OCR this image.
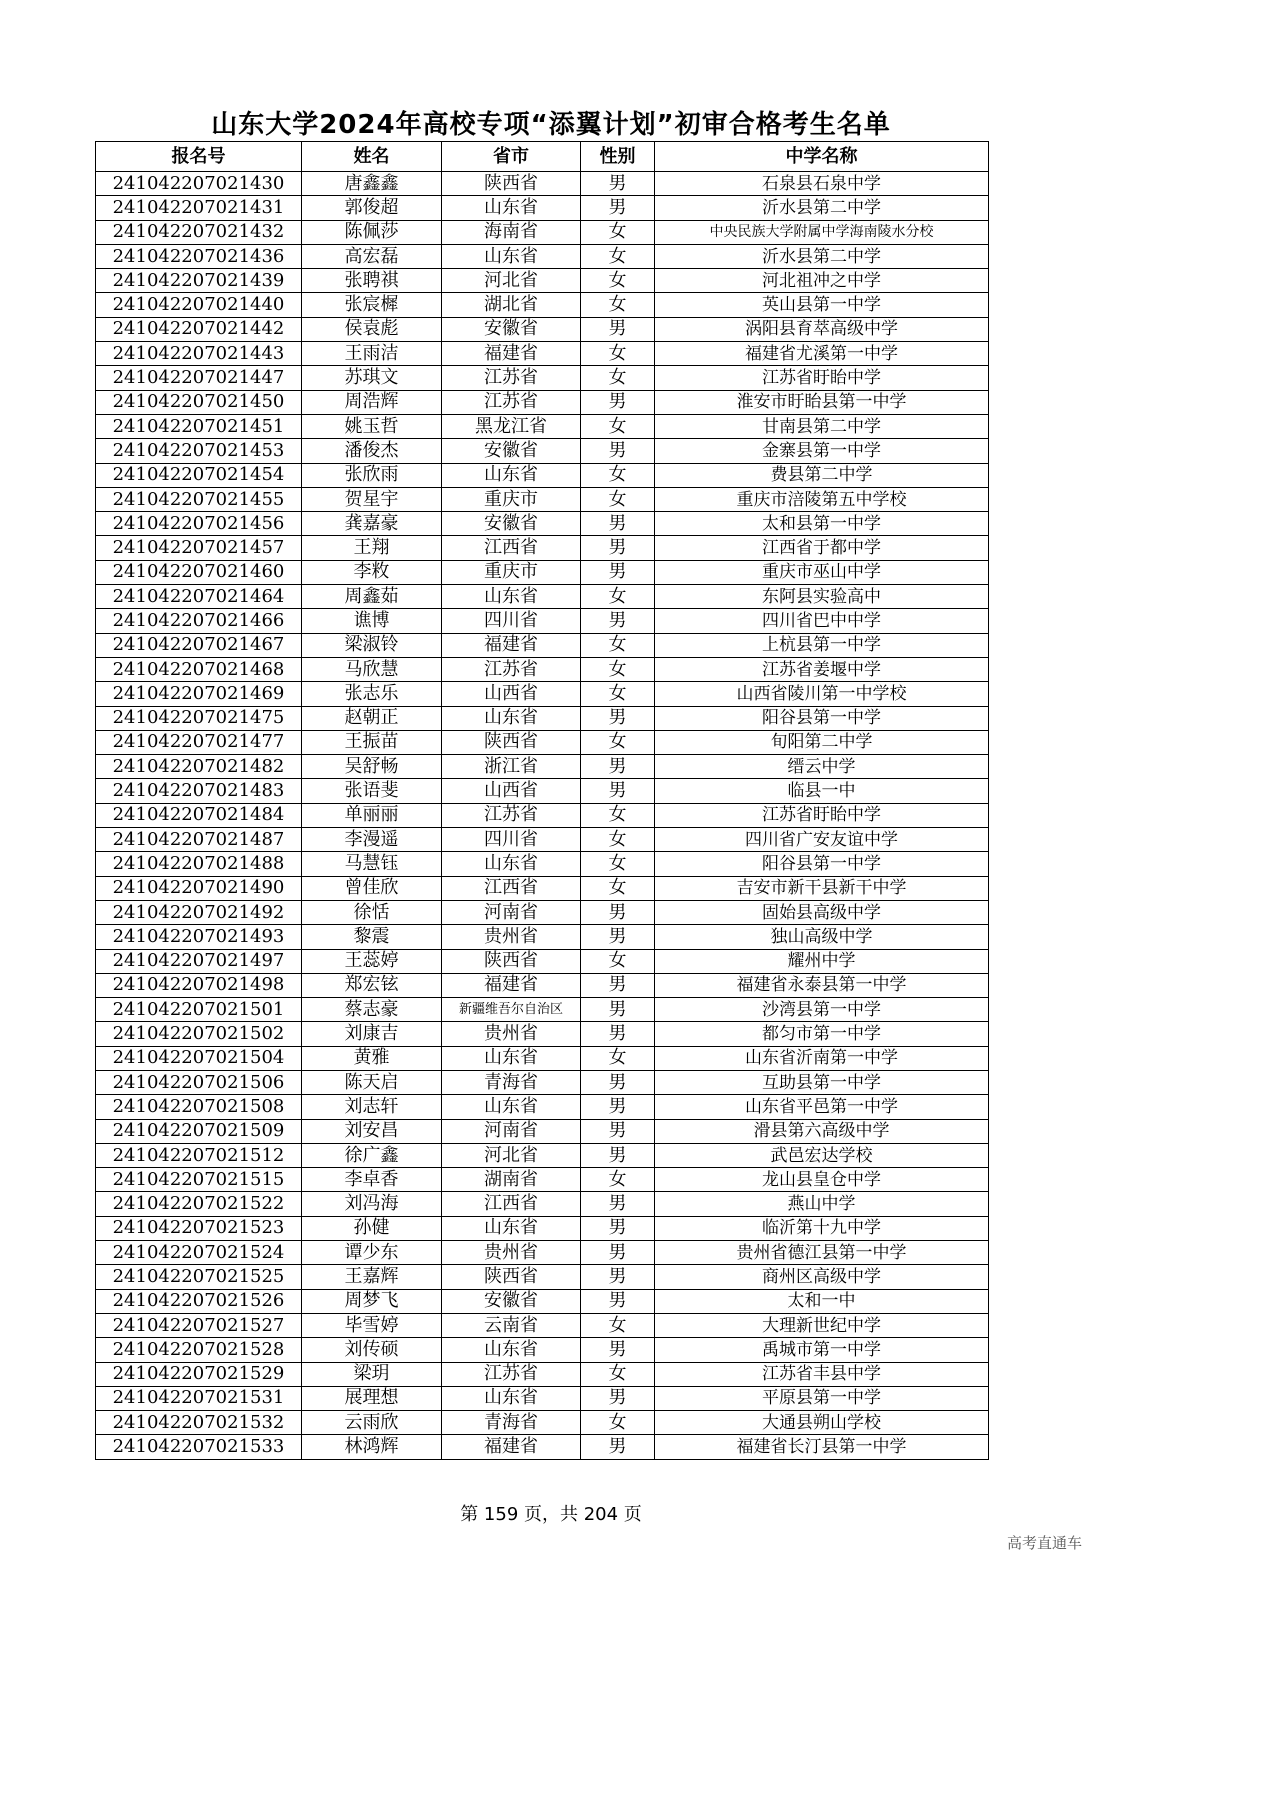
山东大学2024年高校专项“添翼计划”初审合格考生名单
报名号	姓名	省市	性别	中学名称
241042207021430	唐鑫鑫	陕西省	男	石泉县石泉中学
241042207021431	郭俊超	山东省	男	沂水县第二中学
241042207021432	陈佩莎	海南省	女	中央民族大学附属中学海南陵水分校
241042207021436	高宏磊	山东省	女	沂水县第二中学
241042207021439	张聘祺	河北省	女	河北祖冲之中学
241042207021440	张宸樨	湖北省	女	英山县第一中学
241042207021442	侯袁彪	安徽省	男	涡阳县育萃高级中学
241042207021443	王雨洁	福建省	女	福建省尤溪第一中学
241042207021447	苏琪文	江苏省	女	江苏省盱眙中学
241042207021450	周浩辉	江苏省	男	淮安市盱眙县第一中学
241042207021451	姚玉哲	黑龙江省	女	甘南县第二中学
241042207021453	潘俊杰	安徽省	男	金寨县第一中学
241042207021454	张欣雨	山东省	女	费县第二中学
241042207021455	贺星宇	重庆市	女	重庆市涪陵第五中学校
241042207021456	龚嘉豪	安徽省	男	太和县第一中学
241042207021457	王翔	江西省	男	江西省于都中学
241042207021460	李敉	重庆市	男	重庆市巫山中学
241042207021464	周鑫茹	山东省	女	东阿县实验高中
241042207021466	谯博	四川省	男	四川省巴中中学
241042207021467	梁淑铃	福建省	女	上杭县第一中学
241042207021468	马欣慧	江苏省	女	江苏省姜堰中学
241042207021469	张志乐	山西省	女	山西省陵川第一中学校
241042207021475	赵朝正	山东省	男	阳谷县第一中学
241042207021477	王振苗	陕西省	女	旬阳第二中学
241042207021482	吴舒畅	浙江省	男	缙云中学
241042207021483	张语斐	山西省	男	临县一中
241042207021484	单丽丽	江苏省	女	江苏省盱眙中学
241042207021487	李漫遥	四川省	女	四川省广安友谊中学
241042207021488	马慧钰	山东省	女	阳谷县第一中学
241042207021490	曾佳欣	江西省	女	吉安市新干县新干中学
241042207021492	徐恬	河南省	男	固始县高级中学
241042207021493	黎震	贵州省	男	独山高级中学
241042207021497	王蕊婷	陕西省	女	耀州中学
241042207021498	郑宏铉	福建省	男	福建省永泰县第一中学
241042207021501	蔡志豪	新疆维吾尔自治区	男	沙湾县第一中学
241042207021502	刘康吉	贵州省	男	都匀市第一中学
241042207021504	黄雅	山东省	女	山东省沂南第一中学
241042207021506	陈天启	青海省	男	互助县第一中学
241042207021508	刘志轩	山东省	男	山东省平邑第一中学
241042207021509	刘安昌	河南省	男	滑县第六高级中学
241042207021512	徐广鑫	河北省	男	武邑宏达学校
241042207021515	李卓香	湖南省	女	龙山县皇仓中学
241042207021522	刘冯海	江西省	男	燕山中学
241042207021523	孙健	山东省	男	临沂第十九中学
241042207021524	谭少东	贵州省	男	贵州省德江县第一中学
241042207021525	王嘉辉	陕西省	男	商州区高级中学
241042207021526	周梦飞	安徽省	男	太和一中
241042207021527	毕雪婷	云南省	女	大理新世纪中学
241042207021528	刘传硕	山东省	男	禹城市第一中学
241042207021529	梁玥	江苏省	女	江苏省丰县中学
241042207021531	展理想	山东省	男	平原县第一中学
241042207021532	云雨欣	青海省	女	大通县朔山学校
241042207021533	林鸿辉	福建省	男	福建省长汀县第一中学
第 159 页，共 204 页
高考直通车
